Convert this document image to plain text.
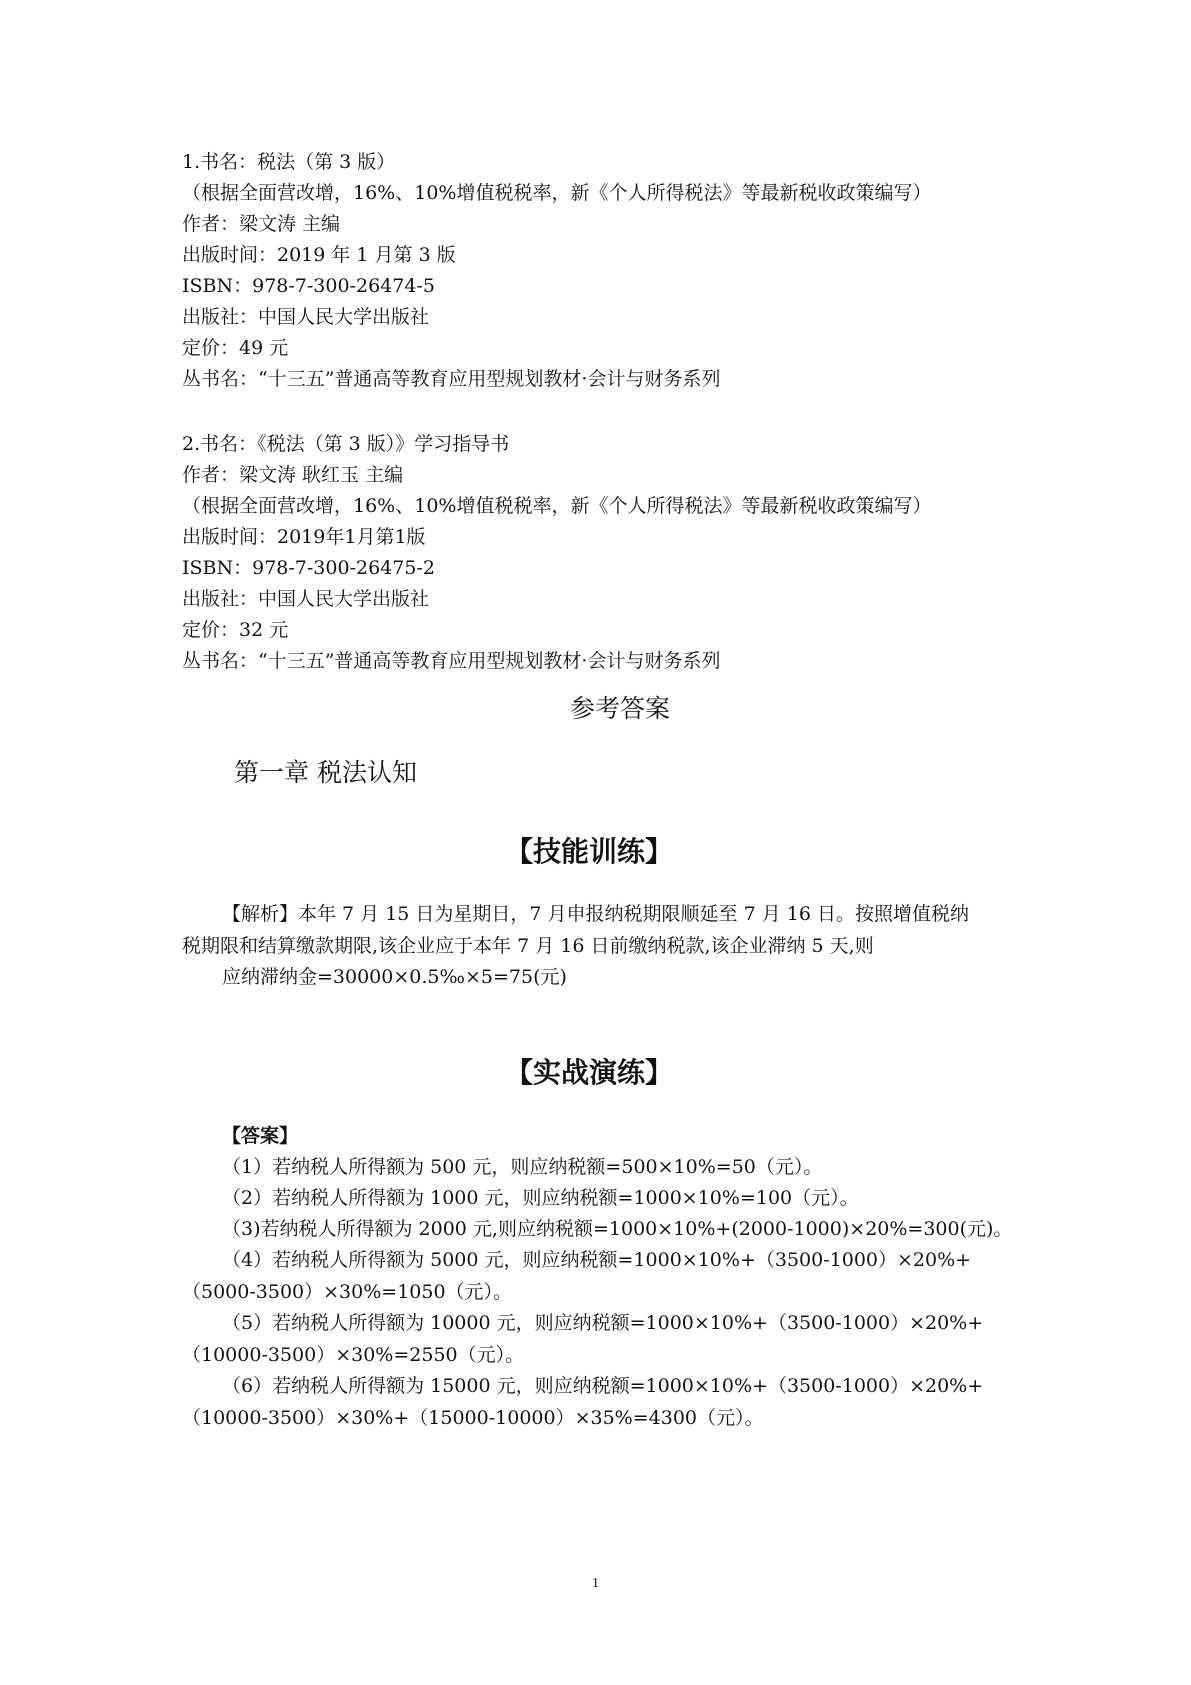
1.书名：税法（第 3 版）
（根据全面营改增，16%、10%增值税税率，新《个人所得税法》等最新税收政策编写）
作者：梁文涛 主编
出版时间：2019 年 1 月第 3 版
ISBN：978-7-300-26474-5
出版社：中国人民大学出版社
定价：49 元
丛书名：“十三五”普通高等教育应用型规划教材·会计与财务系列
2.书名：《税法（第 3 版）》学习指导书
作者：梁文涛 耿红玉 主编
（根据全面营改增，16%、10%增值税税率，新《个人所得税法》等最新税收政策编写）
出版时间：2019年1月第1版
ISBN：978-7-300-26475-2
出版社：中国人民大学出版社
定价：32 元
丛书名：“十三五”普通高等教育应用型规划教材·会计与财务系列
参考答案
第一章 税法认知
【技能训练】
【解析】本年 7 月 15 日为星期日，7 月申报纳税期限顺延至 7 月 16 日。按照增值税纳
税期限和结算缴款期限,该企业应于本年 7 月 16 日前缴纳税款,该企业滞纳 5 天,则
应纳滞纳金=30000×0.5‰×5=75(元)
【实战演练】
【答案】
（1）若纳税人所得额为 500 元，则应纳税额=500×10%=50（元）。
（2）若纳税人所得额为 1000 元，则应纳税额=1000×10%=100（元）。
（3)若纳税人所得额为 2000 元,则应纳税额=1000×10%+(2000-1000)×20%=300(元)。
（4）若纳税人所得额为 5000 元，则应纳税额=1000×10%+（3500-1000）×20%+
（5000-3500）×30%=1050（元）。
（5）若纳税人所得额为 10000 元，则应纳税额=1000×10%+（3500-1000）×20%+
（10000-3500）×30%=2550（元）。
（6）若纳税人所得额为 15000 元，则应纳税额=1000×10%+（3500-1000）×20%+
（10000-3500）×30%+（15000-10000）×35%=4300（元）。
1
